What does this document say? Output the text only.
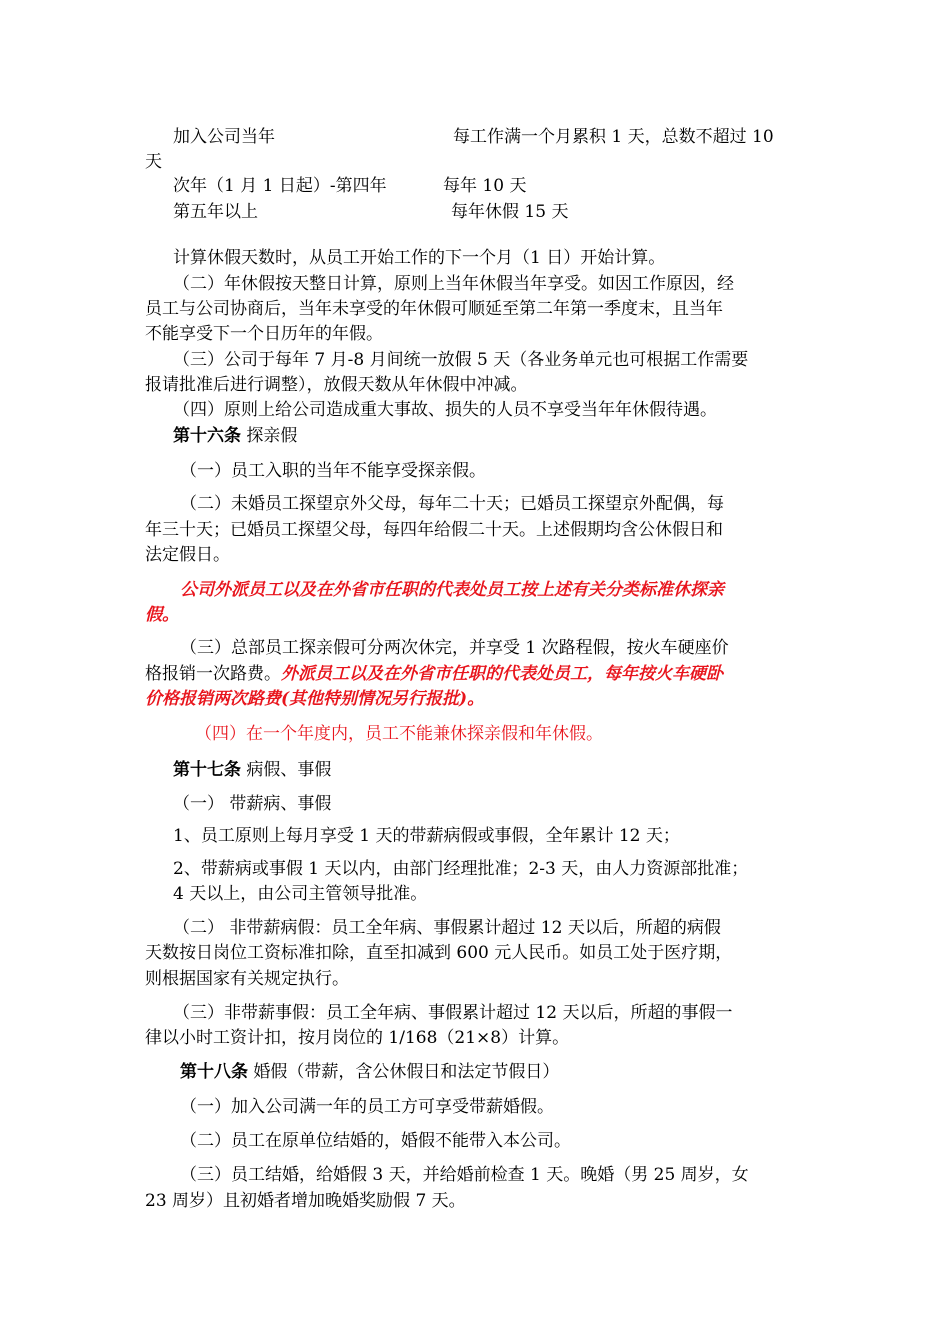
加入公司当年	每工作满一个月累积 1 天，总数不超过 10
天
次年（1 月 1 日起）-第四年	每年 10 天
第五年以上	每年休假 15 天
计算休假天数时，从员工开始工作的下一个月（1 日）开始计算。
（二）年休假按天整日计算，原则上当年休假当年享受。如因工作原因，经
员工与公司协商后，当年未享受的年休假可顺延至第二年第一季度末，且当年
不能享受下一个日历年的年假。
（三）公司于每年 7 月-8 月间统一放假 5 天（各业务单元也可根据工作需要
报请批准后进行调整），放假天数从年休假中冲减。
（四）原则上给公司造成重大事故、损失的人员不享受当年年休假待遇。
第十六条 探亲假
（一）员工入职的当年不能享受探亲假。
（二）未婚员工探望京外父母，每年二十天；已婚员工探望京外配偶，每
年三十天；已婚员工探望父母，每四年给假二十天。上述假期均含公休假日和
法定假日。
公司外派员工以及在外省市任职的代表处员工按上述有关分类标准休探亲
假。
（三）总部员工探亲假可分两次休完，并享受 1 次路程假，按火车硬座价
格报销一次路费。外派员工以及在外省市任职的代表处员工，每年按火车硬卧
价格报销两次路费(其他特别情况另行报批)。
（四）在一个年度内，员工不能兼休探亲假和年休假。
第十七条 病假、事假
（一） 带薪病、事假
1、员工原则上每月享受 1 天的带薪病假或事假，全年累计 12 天；
2、带薪病或事假 1 天以内，由部门经理批准；2-3 天，由人力资源部批准；
4 天以上，由公司主管领导批准。
（二） 非带薪病假：员工全年病、事假累计超过 12 天以后，所超的病假
天数按日岗位工资标准扣除，直至扣减到 600 元人民币。如员工处于医疗期，
则根据国家有关规定执行。
（三）非带薪事假：员工全年病、事假累计超过 12 天以后，所超的事假一
律以小时工资计扣，按月岗位的 1/168（21×8）计算。
第十八条 婚假（带薪，含公休假日和法定节假日）
（一）加入公司满一年的员工方可享受带薪婚假。
（二）员工在原单位结婚的，婚假不能带入本公司。
（三）员工结婚，给婚假 3 天，并给婚前检查 1 天。晚婚（男 25 周岁，女
23 周岁）且初婚者增加晚婚奖励假 7 天。
